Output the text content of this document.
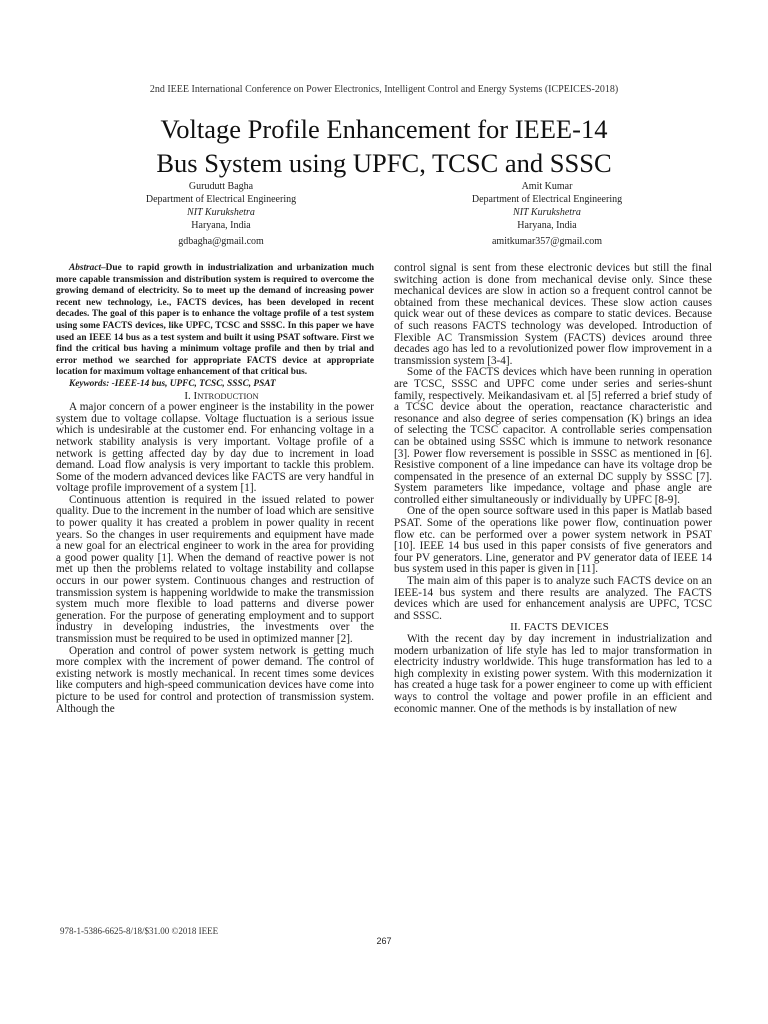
2nd IEEE International Conference on Power Electronics, Intelligent Control and Energy Systems (ICPEICES-2018)
Voltage Profile Enhancement for IEEE-14
Bus System using UPFC, TCSC and SSSC
Gurudutt Bagha
Department of Electrical Engineering
NIT Kurukshetra
Haryana, India
gdbagha@gmail.com
Amit Kumar
Department of Electrical Engineering
NIT Kurukshetra
Haryana, India
amitkumar357@gmail.com

Abstract–Due to rapid growth in industrialization and urbanization much more capable transmission and distribution system is required to overcome the growing demand of electricity. So to meet up the demand of increasing power recent new technology, i.e., FACTS devices, has been developed in recent decades. The goal of this paper is to enhance the voltage profile of a test system using some FACTS devices, like UPFC, TCSC and SSSC. In this paper we have used an IEEE 14 bus as a test system and built it using PSAT software. First we find the critical bus having a minimum voltage profile and then by trial and error method we searched for appropriate FACTS device at appropriate location for maximum voltage enhancement of that critical bus.

Keywords: -IEEE-14 bus, UPFC, TCSC, SSSC, PSAT

I. INTRODUCTION

A major concern of a power engineer is the instability in the power system due to voltage collapse. Voltage fluctuation is a serious issue which is undesirable at the customer end. For enhancing voltage in a network stability analysis is very important. Voltage profile of a network is getting affected day by day due to increment in load demand. Load flow analysis is very important to tackle this problem. Some of the modern advanced devices like FACTS are very handful in voltage profile improvement of a system [1].

Continuous attention is required in the issued related to power quality. Due to the increment in the number of load which are sensitive to power quality it has created a problem in power quality in recent years. So the changes in user requirements and equipment have made a new goal for an electrical engineer to work in the area for providing a good power quality [1]. When the demand of reactive power is not met up then the problems related to voltage instability and collapse occurs in our power system. Continuous changes and restruction of transmission system is happening worldwide to make the transmission system much more flexible to load patterns and diverse power generation. For the purpose of generating employment and to support industry in developing industries, the investments over the transmission must be required to be used in optimized manner [2].

Operation and control of power system network is getting much more complex with the increment of power demand. The control of existing network is mostly mechanical. In recent times some devices like computers and high-speed communication devices have come into picture to be used for control and protection of transmission system. Although the

control signal is sent from these electronic devices but still the final switching action is done from mechanical devise only. Since these mechanical devices are slow in action so a frequent control cannot be obtained from these mechanical devices. These slow action causes quick wear out of these devices as compare to static devices. Because of such reasons FACTS technology was developed. Introduction of Flexible AC Transmission System (FACTS) devices around three decades ago has led to a revolutionized power flow improvement in a transmission system [3-4].

Some of the FACTS devices which have been running in operation are TCSC, SSSC and UPFC come under series and series-shunt family, respectively. Meikandasivam et. al [5] referred a brief study of a TCSC device about the operation, reactance characteristic and resonance and also degree of series compensation (K) brings an idea of selecting the TCSC capacitor. A controllable series compensation can be obtained using SSSC which is immune to network resonance [3]. Power flow reversement is possible in SSSC as mentioned in [6]. Resistive component of a line impedance can have its voltage drop be compensated in the presence of an external DC supply by SSSC [7]. System parameters like impedance, voltage and phase angle are controlled either simultaneously or individually by UPFC [8-9].

One of the open source software used in this paper is Matlab based PSAT. Some of the operations like power flow, continuation power flow etc. can be performed over a power system network in PSAT [10]. IEEE 14 bus used in this paper consists of five generators and four PV generators. Line, generator and PV generator data of IEEE 14 bus system used in this paper is given in [11].

The main aim of this paper is to analyze such FACTS device on an IEEE-14 bus system and there results are analyzed. The FACTS devices which are used for enhancement analysis are UPFC, TCSC and SSSC.

II. FACTS DEVICES

With the recent day by day increment in industrialization and modern urbanization of life style has led to major transformation in electricity industry worldwide. This huge transformation has led to a high complexity in existing power system. With this modernization it has created a huge task for a power engineer to come up with efficient ways to control the voltage and power profile in an efficient and economic manner. One of the methods is by installation of new

978-1-5386-6625-8/18/$31.00 ©2018 IEEE
267
